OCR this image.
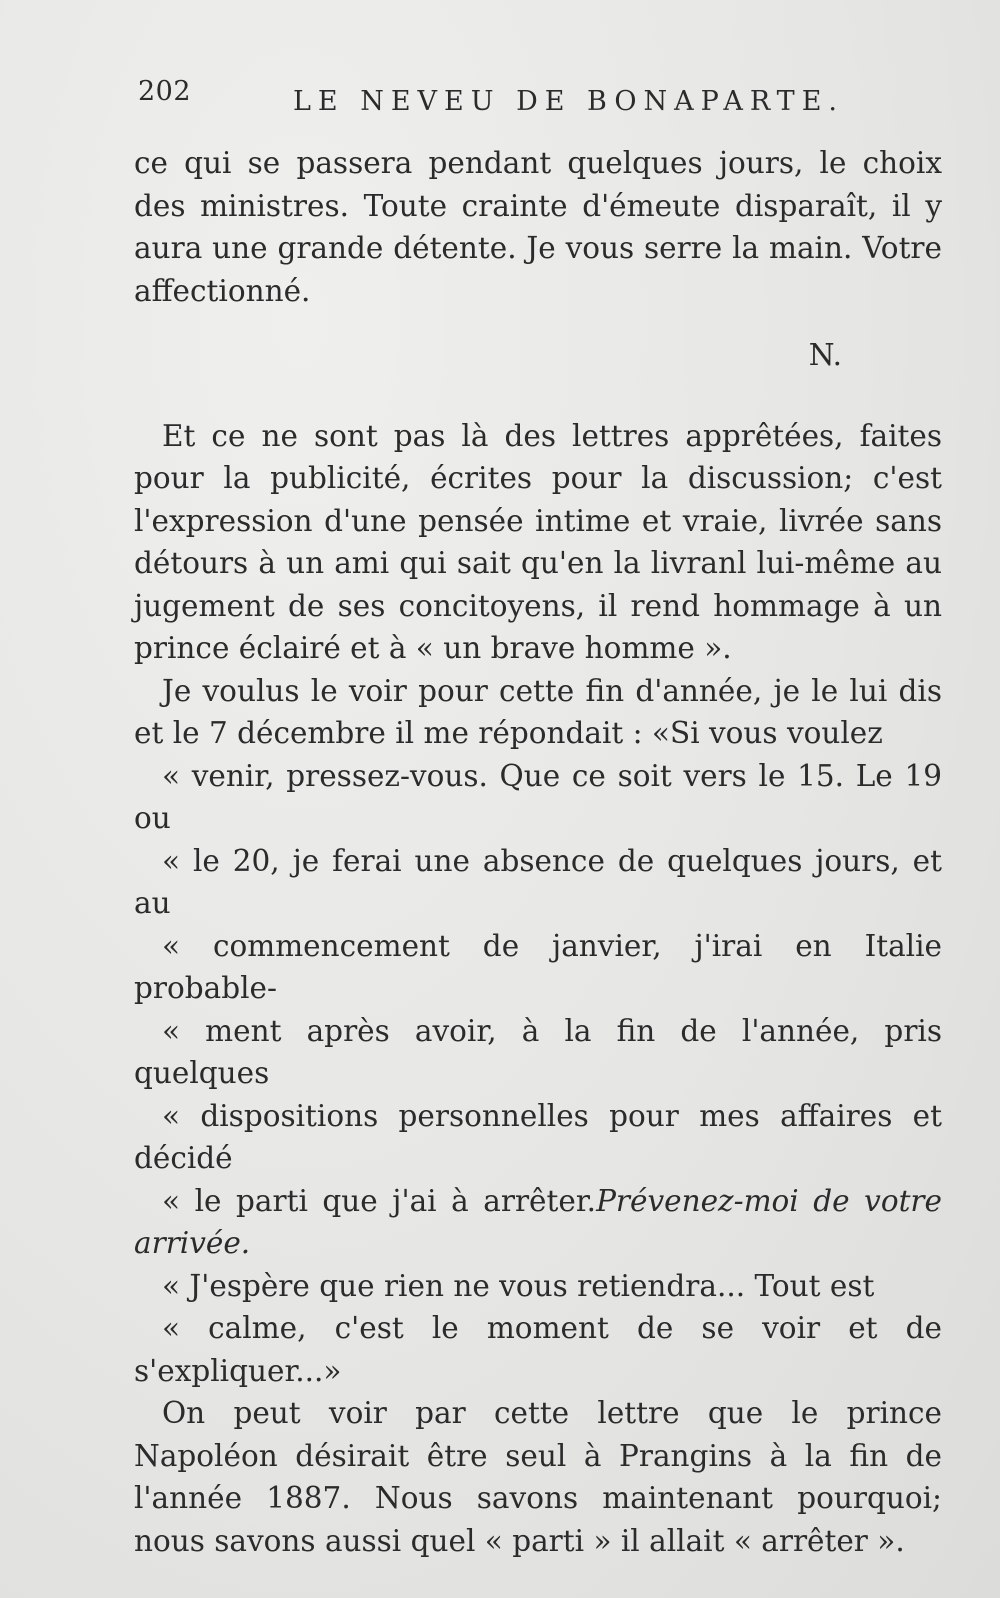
202	LE NEVEU DE BONAPARTE.

ce qui se passera pendant quelques jours, le choix des ministres. Toute crainte d'émeute disparaît, il y aura une grande détente. Je vous serre la main. Votre affectionné.

N.

Et ce ne sont pas là des lettres apprêtées, faites pour la publicité, écrites pour la discussion; c'est l'expression d'une pensée intime et vraie, livrée sans détours à un ami qui sait qu'en la livranl lui-même au jugement de ses concitoyens, il rend hommage à un prince éclairé et à « un brave homme ».

Je voulus le voir pour cette fin d'année, je le lui dis et le 7 décembre il me répondait : «Si vous voulez
« venir, pressez-vous. Que ce soit vers le 15. Le 19 ou
« le 20, je ferai une absence de quelques jours, et au
« commencement de janvier, j'irai en Italie probable-
« ment après avoir, à la fin de l'année, pris quelques
« dispositions personnelles pour mes affaires et décidé
« le parti que j'ai à arrêter.Prévenez-moi de votre arrivée.
« J'espère que rien ne vous retiendra... Tout est
« calme, c'est le moment de se voir et de s'expliquer...»

On peut voir par cette lettre que le prince Napoléon désirait être seul à Prangins à la fin de l'année 1887. Nous savons maintenant pourquoi; nous savons aussi quel « parti » il allait « arrêter ».
